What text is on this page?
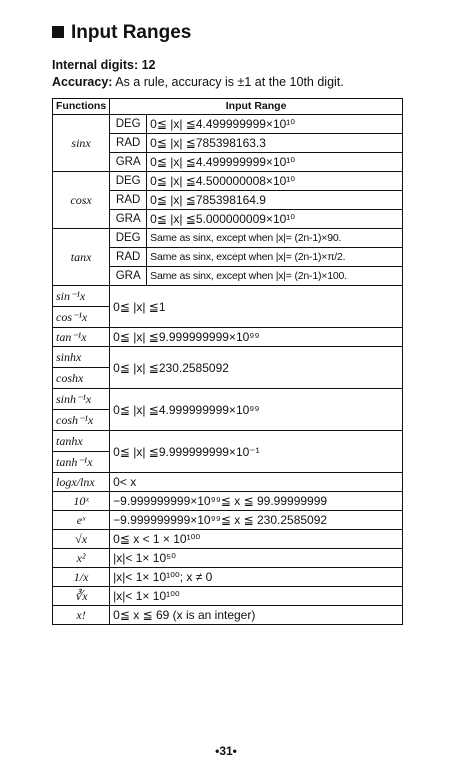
Input Ranges
Internal digits: 12
Accuracy: As a rule, accuracy is ±1 at the 10th digit.
Functions	Input Range	
sinx	DEG	0≦ |x| ≦4.499999999×10¹⁰
	RAD	0≦ |x| ≦785398163.3
	GRA	0≦ |x| ≦4.499999999×10¹⁰
cosx	DEG	0≦ |x| ≦4.500000008×10¹⁰
	RAD	0≦ |x| ≦785398164.9
	GRA	0≦ |x| ≦5.000000009×10¹⁰
tanx	DEG	Same as sinx, except when |x|= (2n-1)×90.
	RAD	Same as sinx, except when |x|= (2n-1)×π/2.
	GRA	Same as sinx, except when |x|= (2n-1)×100.
sin⁻¹x	0≦ |x| ≦1	
cos⁻¹x		
tan⁻¹x	0≦ |x| ≦9.999999999×10⁹⁹	
sinhx	0≦ |x| ≦230.2585092	
coshx		
sinh⁻¹x	0≦ |x| ≦4.999999999×10⁹⁹	
cosh⁻¹x		
tanhx	0≦ |x| ≦9.999999999×10⁻¹	
tanh⁻¹x		
logx/lnx	0< x	
10ˣ	−9.999999999×10⁹⁹≦ x ≦ 99.99999999	
eˣ	−9.999999999×10⁹⁹≦ x ≦ 230.2585092	
√x	0≦ x < 1 × 10¹⁰⁰	
x²	|x|< 1× 10⁵⁰	
1/x	|x|< 1× 10¹⁰⁰; x ≠ 0	
∛x	|x|< 1× 10¹⁰⁰	
x!	0≦ x ≦ 69 (x is an integer)	
•31•
